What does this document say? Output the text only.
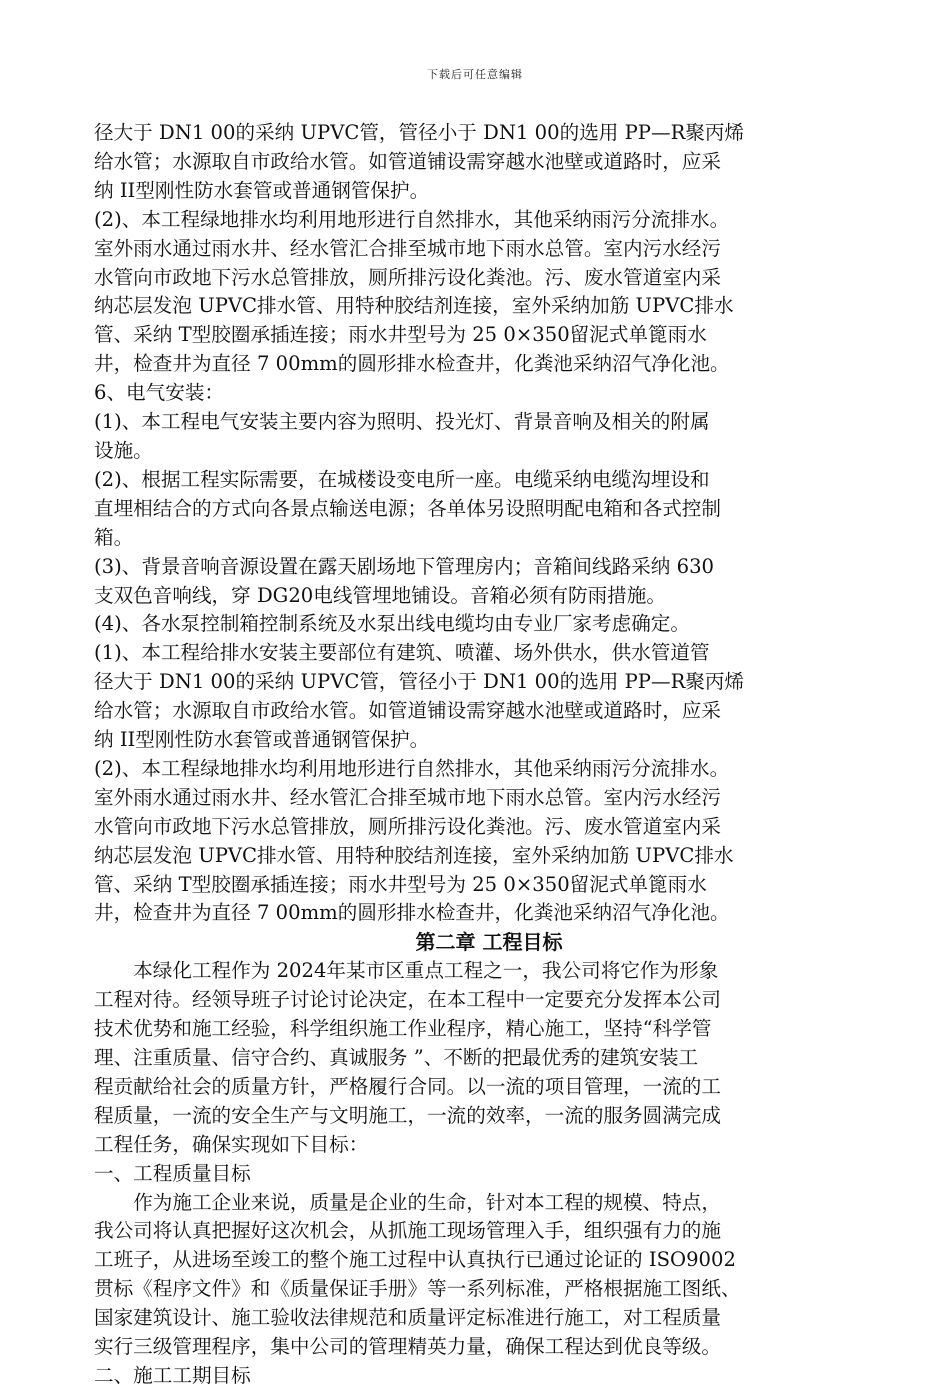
下载后可任意编辑
径大于 DN1 00的采纳 UPVC管，管径小于 DN1 00的选用 PP—R聚丙烯
给水管；水源取自市政给水管。如管道铺设需穿越水池壁或道路时，应采
纳 II型刚性防水套管或普通钢管保护。
(2)、本工程绿地排水均利用地形进行自然排水，其他采纳雨污分流排水。
室外雨水通过雨水井、经水管汇合排至城市地下雨水总管。室内污水经污
水管向市政地下污水总管排放，厕所排污设化粪池。污、废水管道室内采
纳芯层发泡 UPVC排水管、用特种胶结剂连接，室外采纳加筋 UPVC排水
管、采纳 T型胶圈承插连接；雨水井型号为 25 0×350留泥式单篦雨水
井，检查井为直径 7 00mm的圆形排水检查井，化粪池采纳沼气净化池。
6、电气安装：
(1)、本工程电气安装主要内容为照明、投光灯、背景音响及相关的附属
设施。
(2)、根据工程实际需要，在城楼设变电所一座。电缆采纳电缆沟埋设和
直埋相结合的方式向各景点输送电源；各单体另设照明配电箱和各式控制
箱。
(3)、背景音响音源设置在露天剧场地下管理房内；音箱间线路采纳 630
支双色音响线，穿 DG20电线管埋地铺设。音箱必须有防雨措施。
(4)、各水泵控制箱控制系统及水泵出线电缆均由专业厂家考虑确定。
(1)、本工程给排水安装主要部位有建筑、喷灌、场外供水，供水管道管
径大于 DN1 00的采纳 UPVC管，管径小于 DN1 00的选用 PP—R聚丙烯
给水管；水源取自市政给水管。如管道铺设需穿越水池壁或道路时，应采
纳 II型刚性防水套管或普通钢管保护。
(2)、本工程绿地排水均利用地形进行自然排水，其他采纳雨污分流排水。
室外雨水通过雨水井、经水管汇合排至城市地下雨水总管。室内污水经污
水管向市政地下污水总管排放，厕所排污设化粪池。污、废水管道室内采
纳芯层发泡 UPVC排水管、用特种胶结剂连接，室外采纳加筋 UPVC排水
管、采纳 T型胶圈承插连接；雨水井型号为 25 0×350留泥式单篦雨水
井，检查井为直径 7 00mm的圆形排水检查井，化粪池采纳沼气净化池。
第二章 工程目标
本绿化工程作为 2024年某市区重点工程之一，我公司将它作为形象
工程对待。经领导班子讨论讨论决定，在本工程中一定要充分发挥本公司
技术优势和施工经验，科学组织施工作业程序，精心施工，坚持“科学管
理、注重质量、信守合约、真诚服务 ”、不断的把最优秀的建筑安装工
程贡献给社会的质量方针，严格履行合同。以一流的项目管理，一流的工
程质量，一流的安全生产与文明施工，一流的效率，一流的服务圆满完成
工程任务，确保实现如下目标：
一、工程质量目标
作为施工企业来说，质量是企业的生命，针对本工程的规模、特点，
我公司将认真把握好这次机会，从抓施工现场管理入手，组织强有力的施
工班子，从进场至竣工的整个施工过程中认真执行已通过论证的 ISO9002
贯标《程序文件》和《质量保证手册》等一系列标准，严格根据施工图纸、
国家建筑设计、施工验收法律规范和质量评定标准进行施工，对工程质量
实行三级管理程序，集中公司的管理精英力量，确保工程达到优良等级。
二、施工工期目标
